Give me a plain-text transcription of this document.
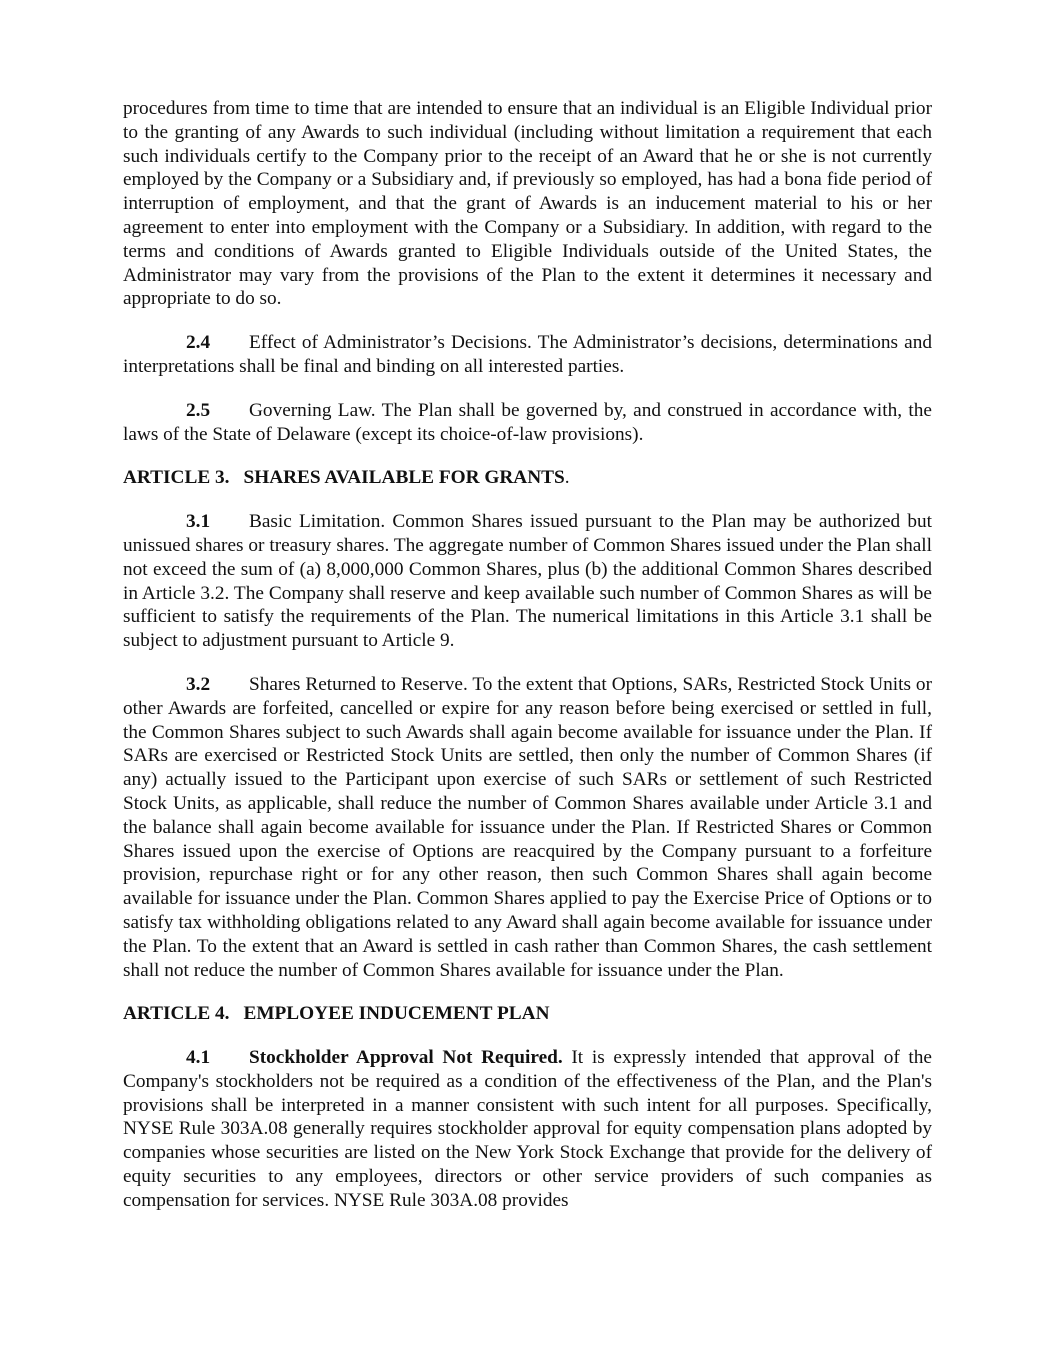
procedures from time to time that are intended to ensure that an individual is an Eligible Individual prior to the granting of any Awards to such individual (including without limitation a requirement that each such individuals certify to the Company prior to the receipt of an Award that he or she is not currently employed by the Company or a Subsidiary and, if previously so employed, has had a bona fide period of interruption of employment, and that the grant of Awards is an inducement material to his or her agreement to enter into employment with the Company or a Subsidiary. In addition, with regard to the terms and conditions of Awards granted to Eligible Individuals outside of the United States, the Administrator may vary from the provisions of the Plan to the extent it determines it necessary and appropriate to do so.

2.4 Effect of Administrator’s Decisions. The Administrator’s decisions, determinations and interpretations shall be final and binding on all interested parties.

2.5 Governing Law. The Plan shall be governed by, and construed in accordance with, the laws of the State of Delaware (except its choice-of-law provisions).

ARTICLE 3. SHARES AVAILABLE FOR GRANTS.

3.1 Basic Limitation. Common Shares issued pursuant to the Plan may be authorized but unissued shares or treasury shares. The aggregate number of Common Shares issued under the Plan shall not exceed the sum of (a) 8,000,000 Common Shares, plus (b) the additional Common Shares described in Article 3.2. The Company shall reserve and keep available such number of Common Shares as will be sufficient to satisfy the requirements of the Plan. The numerical limitations in this Article 3.1 shall be subject to adjustment pursuant to Article 9.

3.2 Shares Returned to Reserve. To the extent that Options, SARs, Restricted Stock Units or other Awards are forfeited, cancelled or expire for any reason before being exercised or settled in full, the Common Shares subject to such Awards shall again become available for issuance under the Plan. If SARs are exercised or Restricted Stock Units are settled, then only the number of Common Shares (if any) actually issued to the Participant upon exercise of such SARs or settlement of such Restricted Stock Units, as applicable, shall reduce the number of Common Shares available under Article 3.1 and the balance shall again become available for issuance under the Plan. If Restricted Shares or Common Shares issued upon the exercise of Options are reacquired by the Company pursuant to a forfeiture provision, repurchase right or for any other reason, then such Common Shares shall again become available for issuance under the Plan. Common Shares applied to pay the Exercise Price of Options or to satisfy tax withholding obligations related to any Award shall again become available for issuance under the Plan. To the extent that an Award is settled in cash rather than Common Shares, the cash settlement shall not reduce the number of Common Shares available for issuance under the Plan.

ARTICLE 4. EMPLOYEE INDUCEMENT PLAN

4.1 Stockholder Approval Not Required. It is expressly intended that approval of the Company's stockholders not be required as a condition of the effectiveness of the Plan, and the Plan's provisions shall be interpreted in a manner consistent with such intent for all purposes. Specifically, NYSE Rule 303A.08 generally requires stockholder approval for equity compensation plans adopted by companies whose securities are listed on the New York Stock Exchange that provide for the delivery of equity securities to any employees, directors or other service providers of such companies as compensation for services. NYSE Rule 303A.08 provides
